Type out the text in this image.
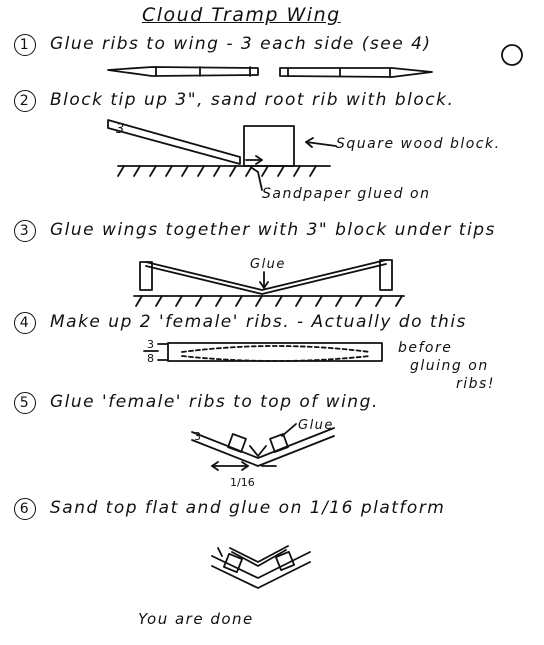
Cloud Tramp Wing
1 Glue ribs to wing - 3 each side (see 4)
2 Block tip up 3", sand root rib with block.
3 Glue wings together with 3" block under tips
4 Make up 2 'female' ribs. - Actually do this
5 Glue 'female' ribs to top of wing.
6 Sand top flat and glue on 1/16 platform
3
Square wood block.
Sandpaper glued on
Glue
before
gluing on
ribs!
3
8
Glue
3
1/16
You are done
